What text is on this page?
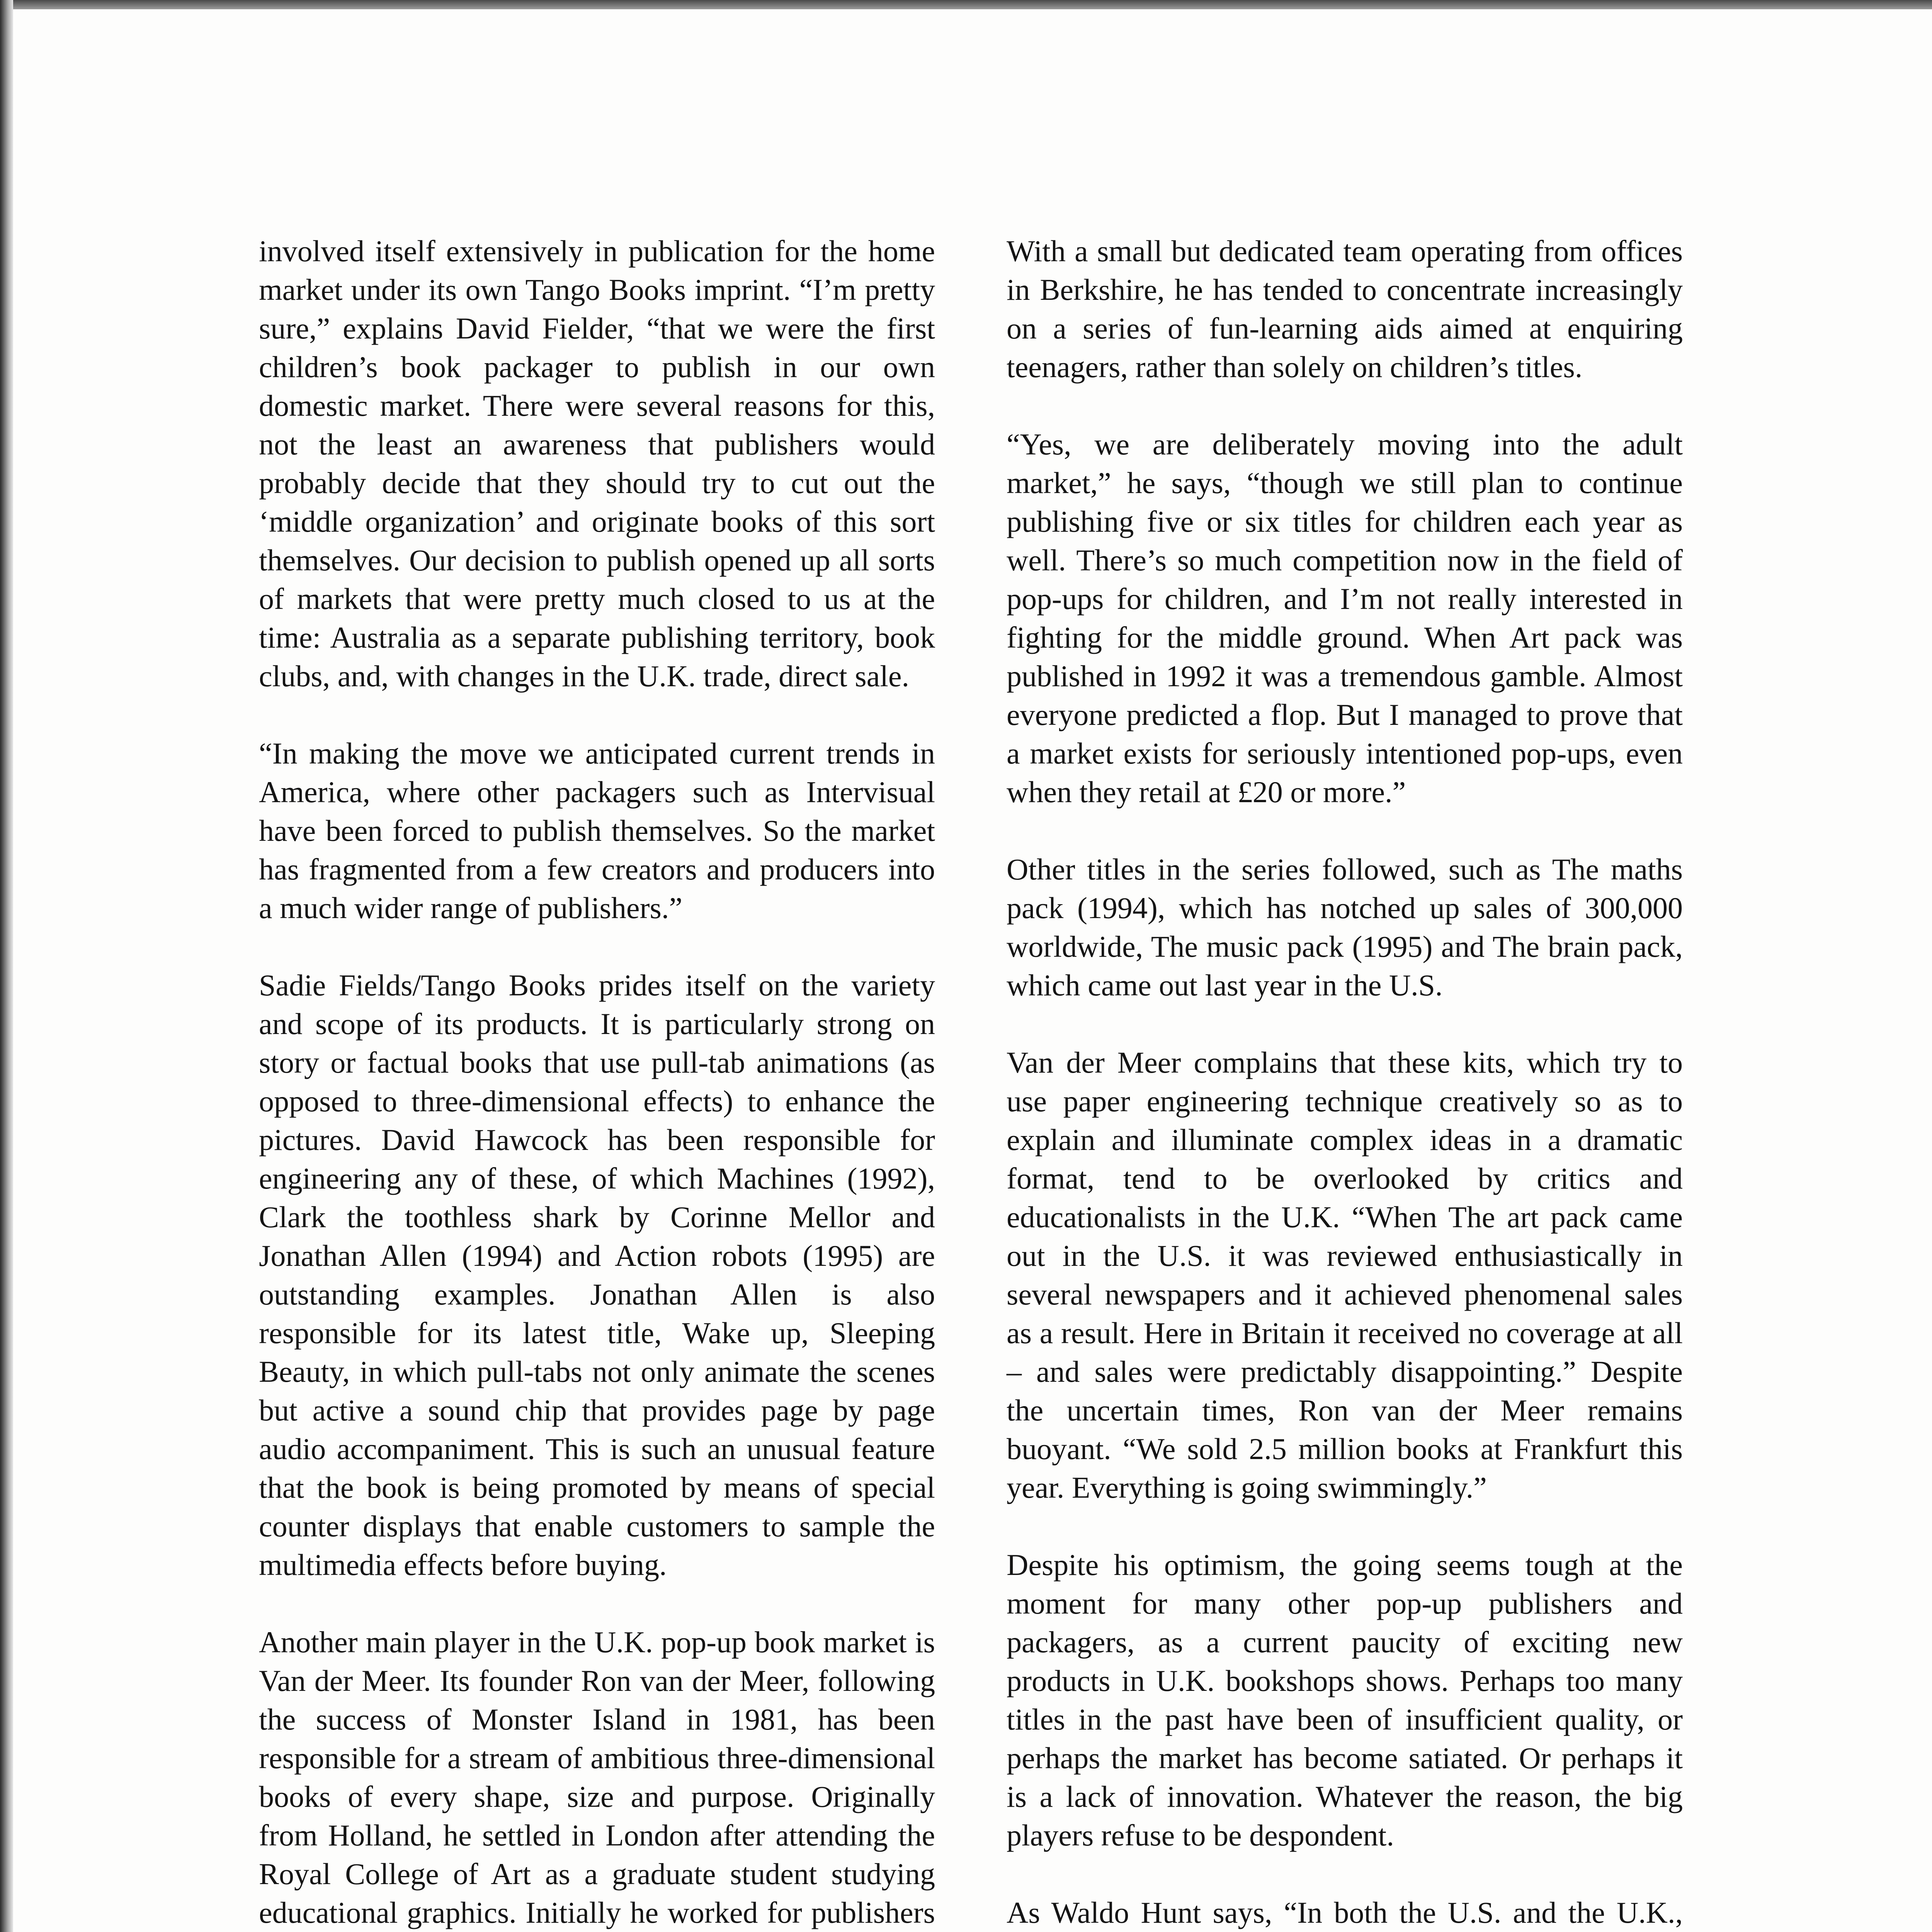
involved itself extensively in publication for the home market under its own Tango Books imprint. “I’m pretty sure,” explains David Fielder, “that we were the first children’s book packager to publish in our own domestic market. There were several reasons for this, not the least an awareness that publishers would probably decide that they should try to cut out the ‘middle organization’ and originate books of this sort themselves. Our decision to publish opened up all sorts of markets that were pretty much closed to us at the time: Australia as a separate publishing territory, book clubs, and, with changes in the U.K. trade, direct sale.

“In making the move we anticipated current trends in America, where other packagers such as Intervisual have been forced to publish themselves. So the market has fragmented from a few creators and producers into a much wider range of publishers.”

Sadie Fields/Tango Books prides itself on the variety and scope of its products. It is particularly strong on story or factual books that use pull-tab animations (as opposed to three-dimensional effects) to enhance the pictures. David Hawcock has been responsible for engineering any of these, of which Machines (1992), Clark the toothless shark by Corinne Mellor and Jonathan Allen (1994) and Action robots (1995) are outstanding examples. Jonathan Allen is also responsible for its latest title, Wake up, Sleeping Beauty, in which pull-tabs not only animate the scenes but active a sound chip that provides page by page audio accompaniment. This is such an unusual feature that the book is being promoted by means of special counter displays that enable customers to sample the multimedia effects before buying.

Another main player in the U.K. pop-up book market is Van der Meer. Its founder Ron van der Meer, following the success of Monster Island in 1981, has been responsible for a stream of ambitious three-dimensional books of every shape, size and purpose. Originally from Holland, he settled in London after attending the Royal College of Art as a graduate student studying educational graphics. Initially he worked for publishers

With a small but dedicated team operating from offices in Berkshire, he has tended to concentrate increasingly on a series of fun-learning aids aimed at enquiring teenagers, rather than solely on children’s titles.

“Yes, we are deliberately moving into the adult market,” he says, “though we still plan to continue publishing five or six titles for children each year as well. There’s so much competition now in the field of pop-ups for children, and I’m not really interested in fighting for the middle ground. When Art pack was published in 1992 it was a tremendous gamble. Almost everyone predicted a flop. But I managed to prove that a market exists for seriously intentioned pop-ups, even when they retail at £20 or more.”

Other titles in the series followed, such as The maths pack (1994), which has notched up sales of 300,000 worldwide, The music pack (1995) and The brain pack, which came out last year in the U.S.

Van der Meer complains that these kits, which try to use paper engineering technique creatively so as to explain and illuminate complex ideas in a dramatic format, tend to be overlooked by critics and educationalists in the U.K. “When The art pack came out in the U.S. it was reviewed enthusiastically in several newspapers and it achieved phenomenal sales as a result. Here in Britain it received no coverage at all – and sales were predictably disappointing.” Despite the uncertain times, Ron van der Meer remains buoyant. “We sold 2.5 million books at Frankfurt this year. Everything is going swimmingly.”

Despite his optimism, the going seems tough at the moment for many other pop-up publishers and packagers, as a current paucity of exciting new products in U.K. bookshops shows. Perhaps too many titles in the past have been of insufficient quality, or perhaps the market has become satiated. Or perhaps it is a lack of innovation. Whatever the reason, the big players refuse to be despondent.

As Waldo Hunt says, “In both the U.S. and the U.K.,
